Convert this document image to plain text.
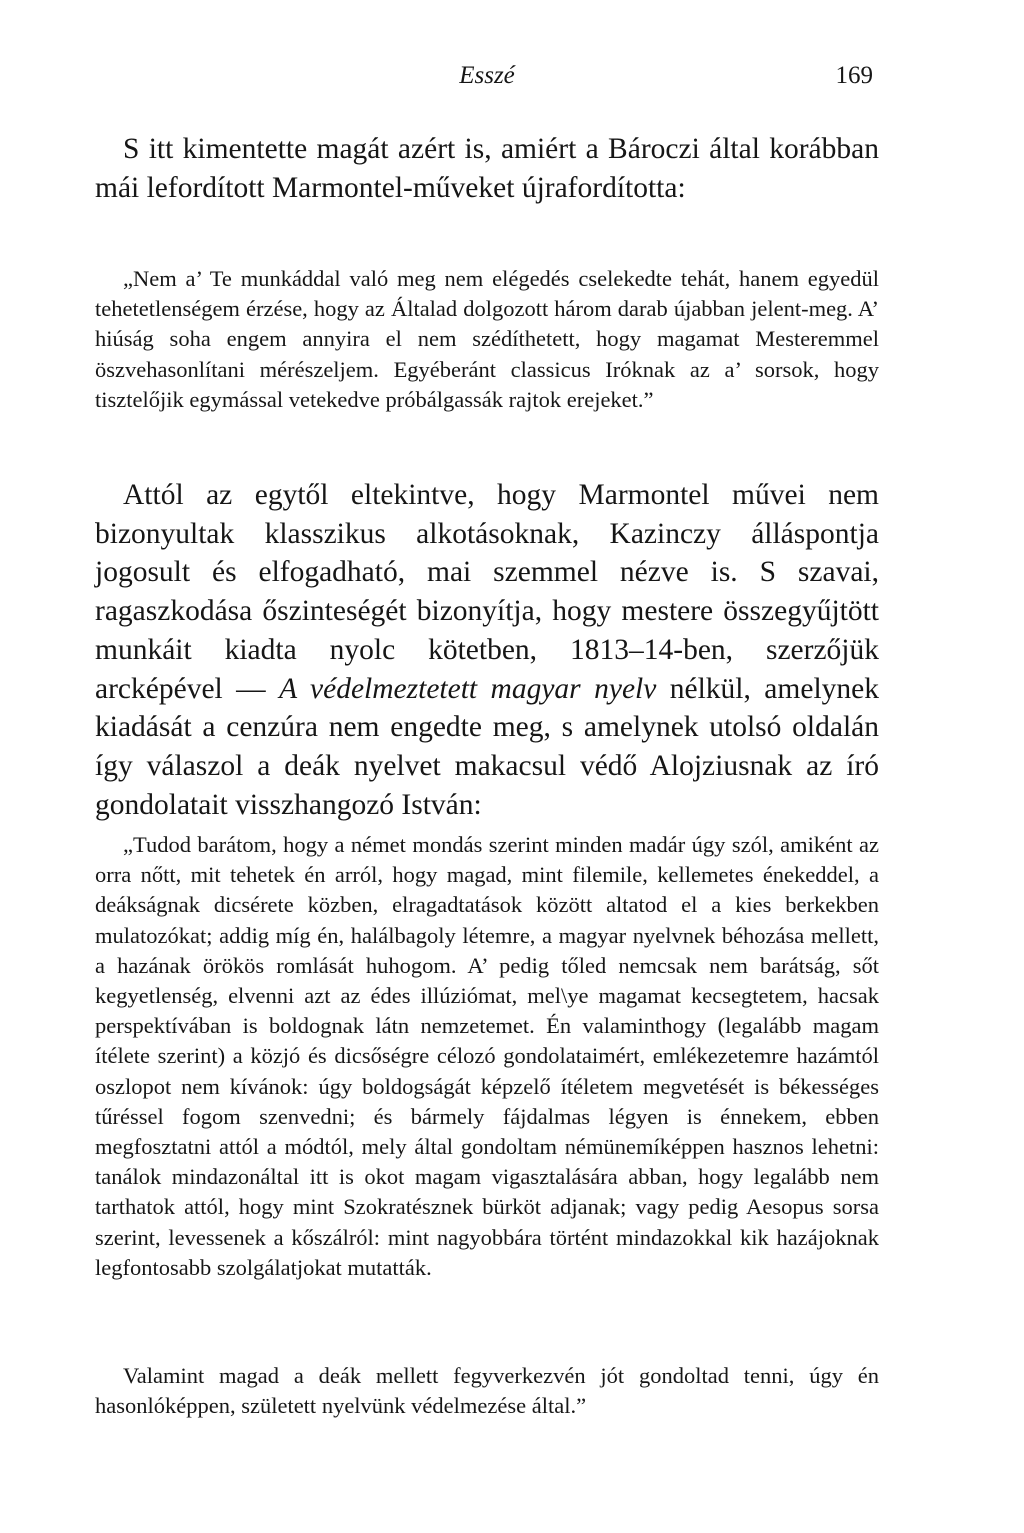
Esszé	169

S itt kimentette magát azért is, amiért a Bároczi által korábban mái lefordított Marmontel-műveket újrafordította:

„Nem a’ Te munkáddal való meg nem elégedés cselekedte tehát, hanem egyedül tehetetlenségem érzése, hogy az Általad dolgozott három darab újabban jelent-meg. A’ hiúság soha engem annyira el nem szédíthetett, hogy magamat Mesteremmel öszvehasonlítani mérészeljem. Egyéberánt classicus Iróknak az a’ sorsok, hogy tisztelőjik egymással vetekedve próbálgassák rajtok erejeket.”

Attól az egytől eltekintve, hogy Marmontel művei nem bizonyultak klasszikus alkotásoknak, Kazinczy álláspontja jogosult és elfogadható, mai szemmel nézve is. S szavai, ragaszkodása őszinteségét bizonyítja, hogy mestere összegyűjtött munkáit kiadta nyolc kötetben, 1813–14-ben, szerzőjük arcképével — A védelmeztetett magyar nyelv nélkül, amelynek kiadását a cenzúra nem engedte meg, s amelynek utolsó oldalán így válaszol a deák nyelvet makacsul védő Alojziusnak az író gondolatait visszhangozó István:

„Tudod barátom, hogy a német mondás szerint minden madár úgy szól, amiként az orra nőtt, mit tehetek én arról, hogy magad, mint filemile, kellemetes énekeddel, a deákságnak dicsérete közben, elragadtatások között altatod el a kies berkekben mulatozókat; addig míg én, halálbagoly létemre, a magyar nyelvnek béhozása mellett, a hazának örökös romlását huhogom. A’ pedig tőled nemcsak nem barátság, sőt kegyetlenség, elvenni azt az édes illúziómat, mel\ye magamat kecsegtetem, hacsak perspektívában is boldognak látn nemzetemet. Én valaminthogy (legalább magam ítélete szerint) a közjó és dicsőségre célozó gondolataimért, emlékezetemre hazámtól oszlopot nem kívánok: úgy boldogságát képzelő ítéletem megvetését is békességes tűréssel fogom szenvedni; és bármely fájdalmas légyen is énnekem, ebben megfosztatni attól a módtól, mely által gondoltam némünemíképpen hasznos lehetni: tanálok mindazonáltal itt is okot magam vigasztalására abban, hogy legalább nem tarthatok attól, hogy mint Szokratésznek bürköt adjanak; vagy pedig Aesopus sorsa szerint, levessenek a kőszálról: mint nagyobbára történt mindazokkal kik hazájoknak legfontosabb szolgálatjokat mutatták.

Valamint magad a deák mellett fegyverkezvén jót gondoltad tenni, úgy én hasonlóképpen, született nyelvünk védelmezése által.”
